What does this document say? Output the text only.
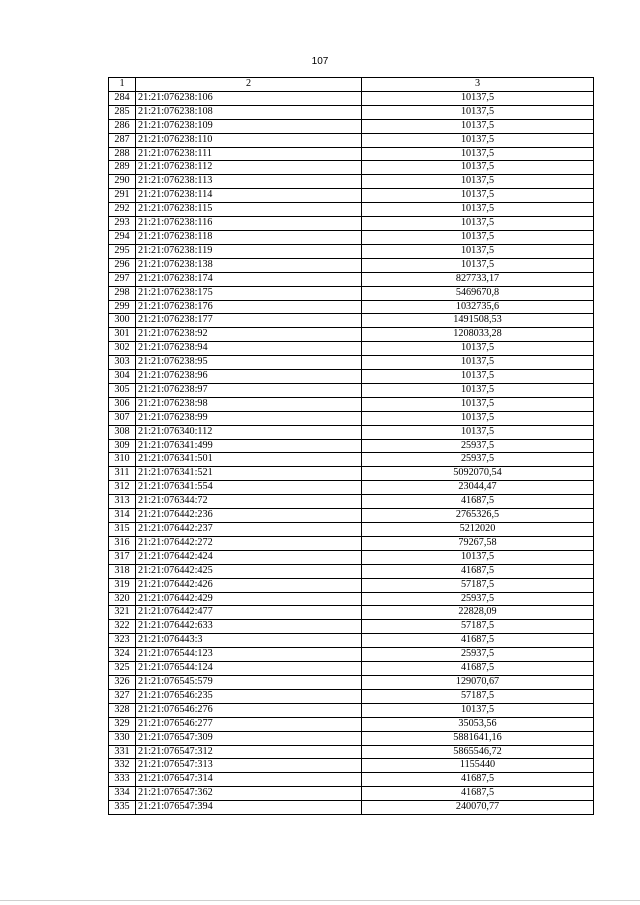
107
1	2	3
284	21:21:076238:106	10137,5
285	21:21:076238:108	10137,5
286	21:21:076238:109	10137,5
287	21:21:076238:110	10137,5
288	21:21:076238:111	10137,5
289	21:21:076238:112	10137,5
290	21:21:076238:113	10137,5
291	21:21:076238:114	10137,5
292	21:21:076238:115	10137,5
293	21:21:076238:116	10137,5
294	21:21:076238:118	10137,5
295	21:21:076238:119	10137,5
296	21:21:076238:138	10137,5
297	21:21:076238:174	827733,17
298	21:21:076238:175	5469670,8
299	21:21:076238:176	1032735,6
300	21:21:076238:177	1491508,53
301	21:21:076238:92	1208033,28
302	21:21:076238:94	10137,5
303	21:21:076238:95	10137,5
304	21:21:076238:96	10137,5
305	21:21:076238:97	10137,5
306	21:21:076238:98	10137,5
307	21:21:076238:99	10137,5
308	21:21:076340:112	10137,5
309	21:21:076341:499	25937,5
310	21:21:076341:501	25937,5
311	21:21:076341:521	5092070,54
312	21:21:076341:554	23044,47
313	21:21:076344:72	41687,5
314	21:21:076442:236	2765326,5
315	21:21:076442:237	5212020
316	21:21:076442:272	79267,58
317	21:21:076442:424	10137,5
318	21:21:076442:425	41687,5
319	21:21:076442:426	57187,5
320	21:21:076442:429	25937,5
321	21:21:076442:477	22828,09
322	21:21:076442:633	57187,5
323	21:21:076443:3	41687,5
324	21:21:076544:123	25937,5
325	21:21:076544:124	41687,5
326	21:21:076545:579	129070,67
327	21:21:076546:235	57187,5
328	21:21:076546:276	10137,5
329	21:21:076546:277	35053,56
330	21:21:076547:309	5881641,16
331	21:21:076547:312	5865546,72
332	21:21:076547:313	1155440
333	21:21:076547:314	41687,5
334	21:21:076547:362	41687,5
335	21:21:076547:394	240070,77
